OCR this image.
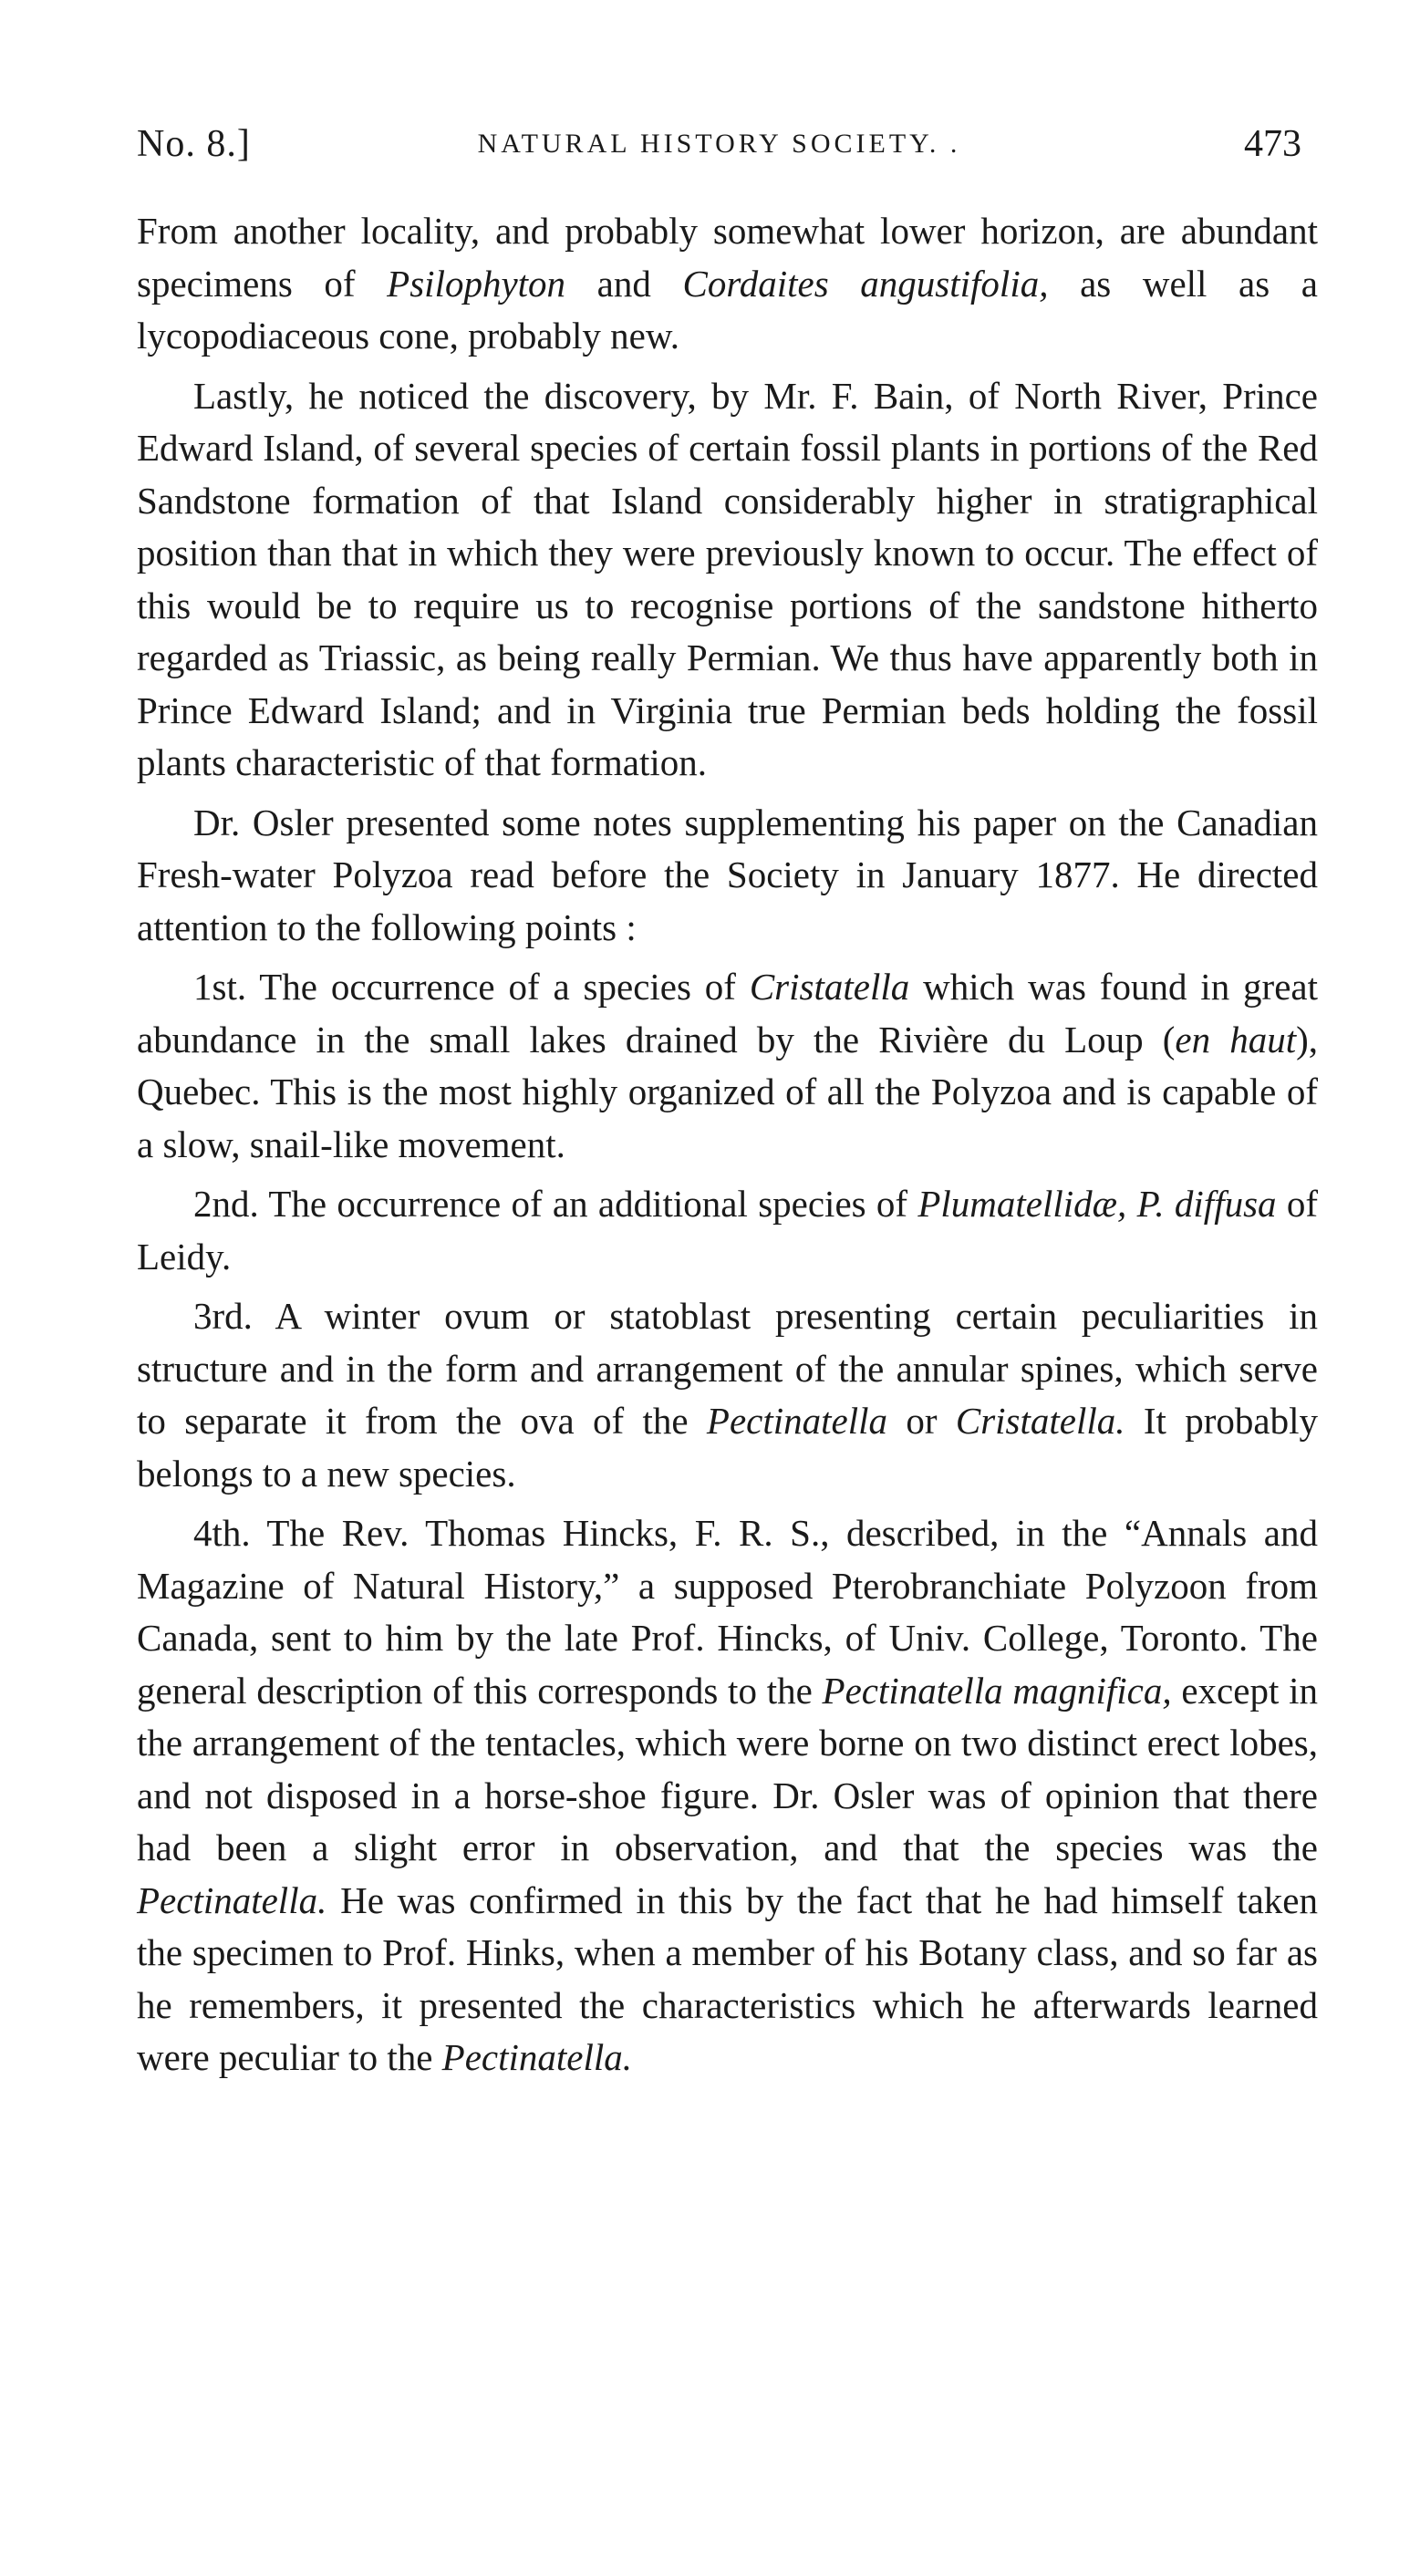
No. 8.]	NATURAL HISTORY SOCIETY. .	473

From another locality, and probably somewhat lower horizon, are abundant specimens of Psilophyton and Cordaites angustifolia, as well as a lycopodiaceous cone, probably new.

Lastly, he noticed the discovery, by Mr. F. Bain, of North River, Prince Edward Island, of several species of certain fossil plants in portions of the Red Sandstone formation of that Island considerably higher in stratigraphical position than that in which they were previously known to occur. The effect of this would be to require us to recognise portions of the sandstone hitherto regarded as Triassic, as being really Permian. We thus have apparently both in Prince Edward Island; and in Virginia true Permian beds holding the fossil plants characteristic of that formation.

Dr. Osler presented some notes supplementing his paper on the Canadian Fresh-water Polyzoa read before the Society in January 1877. He directed attention to the following points :

1st. The occurrence of a species of Cristatella which was found in great abundance in the small lakes drained by the Rivière du Loup (en haut), Quebec. This is the most highly organized of all the Polyzoa and is capable of a slow, snail-like movement.

2nd. The occurrence of an additional species of Plumatellidæ, P. diffusa of Leidy.

3rd. A winter ovum or statoblast presenting certain peculiarities in structure and in the form and arrangement of the annular spines, which serve to separate it from the ova of the Pectinatella or Cristatella. It probably belongs to a new species.

4th. The Rev. Thomas Hincks, F. R. S., described, in the “Annals and Magazine of Natural History,” a supposed Pterobranchiate Polyzoon from Canada, sent to him by the late Prof. Hincks, of Univ. College, Toronto. The general description of this corresponds to the Pectinatella magnifica, except in the arrangement of the tentacles, which were borne on two distinct erect lobes, and not disposed in a horse-shoe figure. Dr. Osler was of opinion that there had been a slight error in observation, and that the species was the Pectinatella. He was confirmed in this by the fact that he had himself taken the specimen to Prof. Hinks, when a member of his Botany class, and so far as he remembers, it presented the characteristics which he afterwards learned were peculiar to the Pectinatella.
